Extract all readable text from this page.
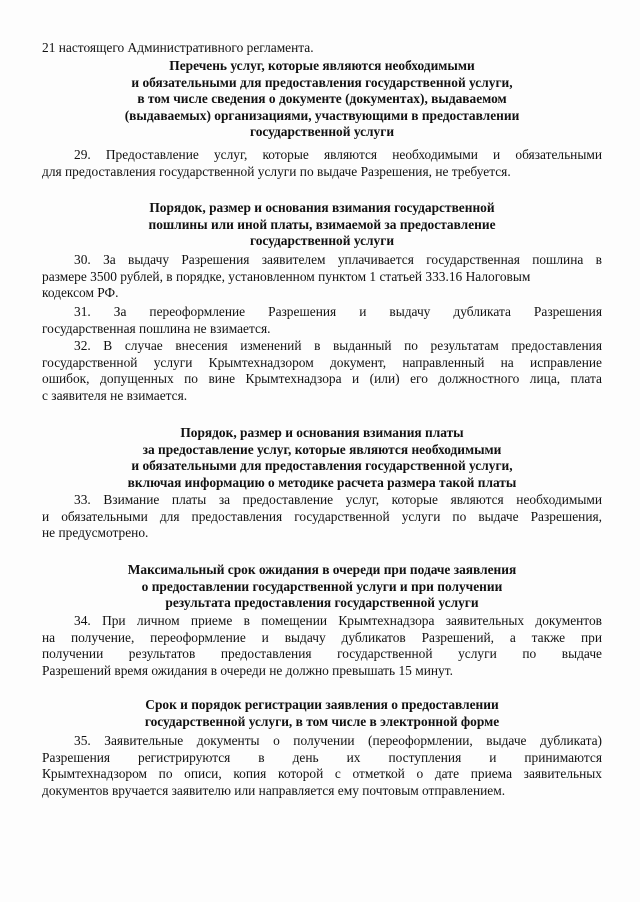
21 настоящего Административного регламента.
Перечень услуг, которые являются необходимыми
и обязательными для предоставления государственной услуги,
в том числе сведения о документе (документах), выдаваемом
(выдаваемых) организациями, участвующими в предоставлении
государственной услуги
29. Предоставление услуг, которые являются необходимыми и обязательными
для предоставления государственной услуги по выдаче Разрешения, не требуется.
Порядок, размер и основания взимания государственной
пошлины или иной платы, взимаемой за предоставление
государственной услуги
30. За выдачу Разрешения заявителем уплачивается государственная пошлина в
размере 3500 рублей, в порядке, установленном пунктом 1 статьей 333.16 Налоговым
кодексом РФ.
31. За переоформление Разрешения и выдачу дубликата Разрешения
государственная пошлина не взимается.
32. В случае внесения изменений в выданный по результатам предоставления
государственной услуги Крымтехнадзором документ, направленный на исправление
ошибок, допущенных по вине Крымтехнадзора и (или) его должностного лица, плата
с заявителя не взимается.
Порядок, размер и основания взимания платы
за предоставление услуг, которые являются необходимыми
и обязательными для предоставления государственной услуги,
включая информацию о методике расчета размера такой платы
33. Взимание платы за предоставление услуг, которые являются необходимыми
и обязательными для предоставления государственной услуги по выдаче Разрешения,
не предусмотрено.
Максимальный срок ожидания в очереди при подаче заявления
о предоставлении государственной услуги и при получении
результата предоставления государственной услуги
34. При личном приеме в помещении Крымтехнадзора заявительных документов
на получение, переоформление и выдачу дубликатов Разрешений, а также при
получении результатов предоставления государственной услуги по выдаче
Разрешений время ожидания в очереди не должно превышать 15 минут.
Срок и порядок регистрации заявления о предоставлении
государственной услуги, в том числе в электронной форме
35. Заявительные документы о получении (переоформлении, выдаче дубликата)
Разрешения регистрируются в день их поступления и принимаются
Крымтехнадзором по описи, копия которой с отметкой о дате приема заявительных
документов вручается заявителю или направляется ему почтовым отправлением.
